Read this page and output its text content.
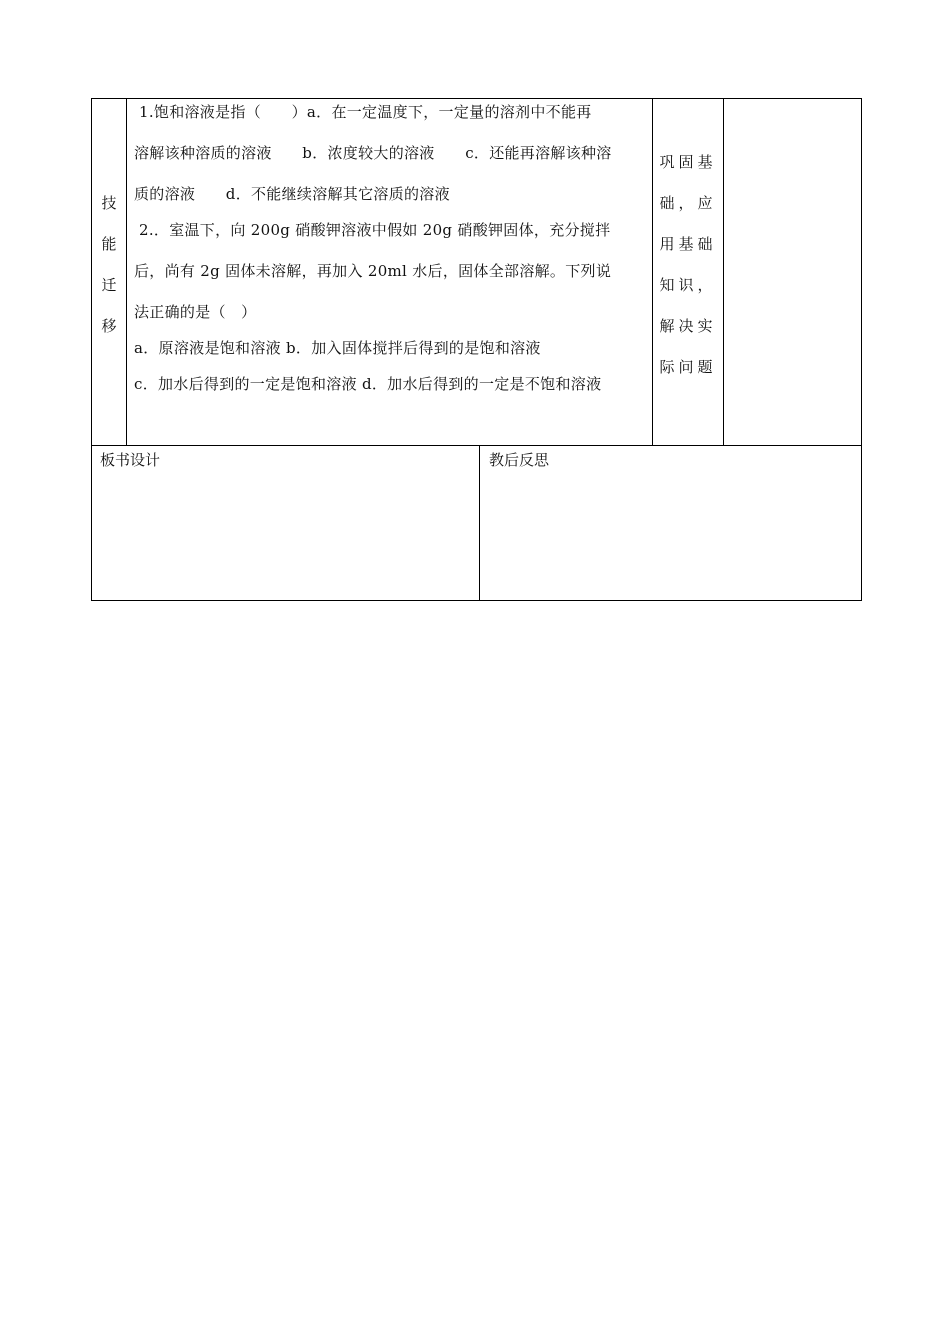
技
能
迁
移
1.饱和溶液是指（　　）a．在一定温度下，一定量的溶剂中不能再
溶解该种溶质的溶液　　b．浓度较大的溶液　　c．还能再溶解该种溶
质的溶液　　d．不能继续溶解其它溶质的溶液
2.．室温下，向 200g 硝酸钾溶液中假如 20g 硝酸钾固体，充分搅拌
后，尚有 2g 固体未溶解，再加入 20ml 水后，固体全部溶解。下列说
法正确的是（　）
a．原溶液是饱和溶液 b．加入固体搅拌后得到的是饱和溶液
c．加水后得到的一定是饱和溶液 d．加水后得到的一定是不饱和溶液
巩固基
础，应
用基础
知识，
解决实
际问题
板书设计	教后反思
